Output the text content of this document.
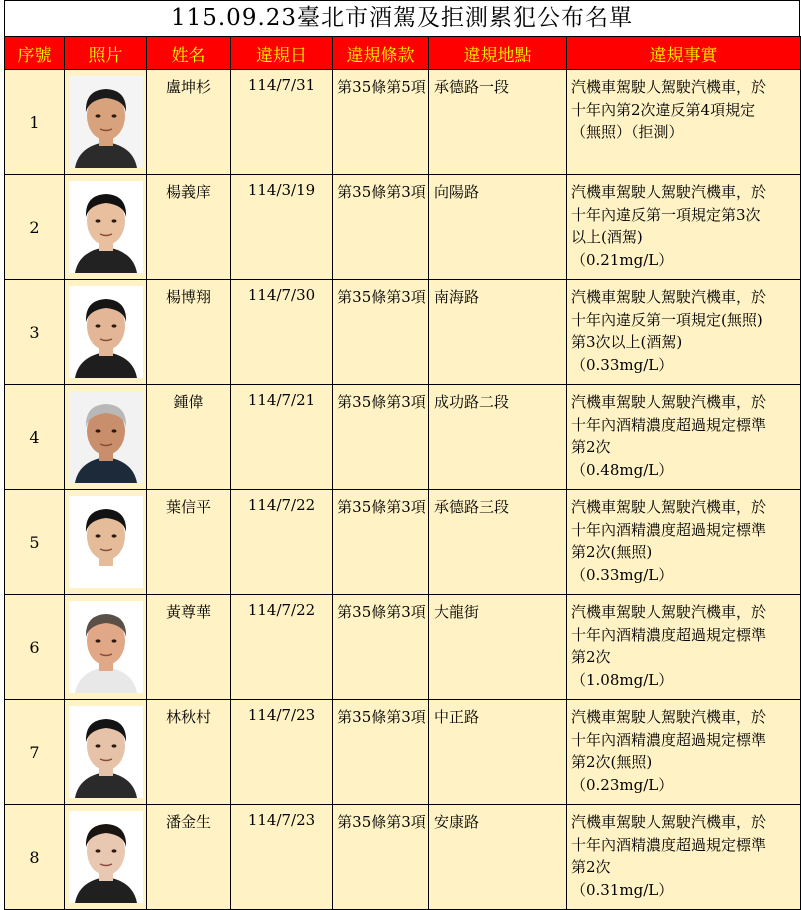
115.09.23臺北市酒駕及拒測累犯公布名單
序號	照片	姓名	違規日	違規條款	違規地點	違規事實
1		盧坤杉	114/7/31	第35條第5項	承德路一段	汽機車駕駛人駕駛汽機車，於
十年內第2次違反第4項規定
（無照）（拒測）

2		楊義庠	114/3/19	第35條第3項	向陽路	汽機車駕駛人駕駛汽機車，於
十年內違反第一項規定第3次
以上(酒駕)
（0.21mg/L）

3		楊博翔	114/7/30	第35條第3項	南海路	汽機車駕駛人駕駛汽機車，於
十年內違反第一項規定(無照)
第3次以上(酒駕)
（0.33mg/L）

4		鍾偉	114/7/21	第35條第3項	成功路二段	汽機車駕駛人駕駛汽機車，於
十年內酒精濃度超過規定標準
第2次
（0.48mg/L）

5		葉信平	114/7/22	第35條第3項	承德路三段	汽機車駕駛人駕駛汽機車，於
十年內酒精濃度超過規定標準
第2次(無照)
（0.33mg/L）

6		黃尊華	114/7/22	第35條第3項	大龍街	汽機車駕駛人駕駛汽機車，於
十年內酒精濃度超過規定標準
第2次
（1.08mg/L）

7		林秋村	114/7/23	第35條第3項	中正路	汽機車駕駛人駕駛汽機車，於
十年內酒精濃度超過規定標準
第2次(無照)
（0.23mg/L）

8		潘金生	114/7/23	第35條第3項	安康路	汽機車駕駛人駕駛汽機車，於
十年內酒精濃度超過規定標準
第2次
（0.31mg/L）
